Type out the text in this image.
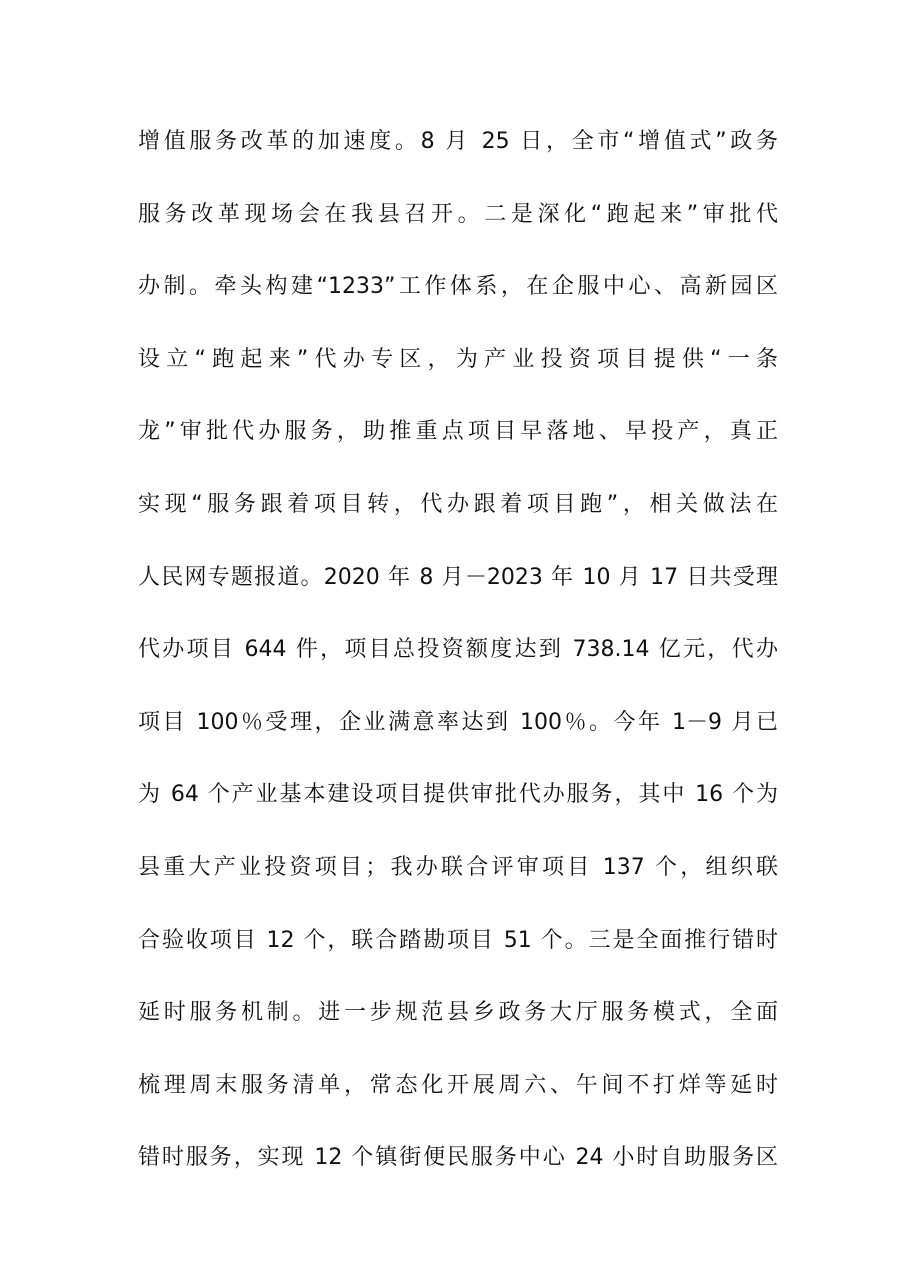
增值服务改革的加速度。8 月 25 日，全市“增值式”政务
服务改革现场会在我县召开。二是深化“跑起来”审批代
办制。牵头构建“1233”工作体系，在企服中心、高新园区
设立“跑起来”代办专区，为产业投资项目提供“一条
龙”审批代办服务，助推重点项目早落地、早投产，真正
实现“服务跟着项目转，代办跟着项目跑”，相关做法在
人民网专题报道。2020 年 8 月－2023 年 10 月 17 日共受理
代办项目 644 件，项目总投资额度达到 738.14 亿元，代办
项目 100％受理，企业满意率达到 100％。今年 1－9 月已
为 64 个产业基本建设项目提供审批代办服务，其中 16 个为
县重大产业投资项目；我办联合评审项目 137 个，组织联
合验收项目 12 个，联合踏勘项目 51 个。三是全面推行错时
延时服务机制。进一步规范县乡政务大厅服务模式，全面
梳理周末服务清单，常态化开展周六、午间不打烊等延时
错时服务，实现 12 个镇街便民服务中心 24 小时自助服务区
